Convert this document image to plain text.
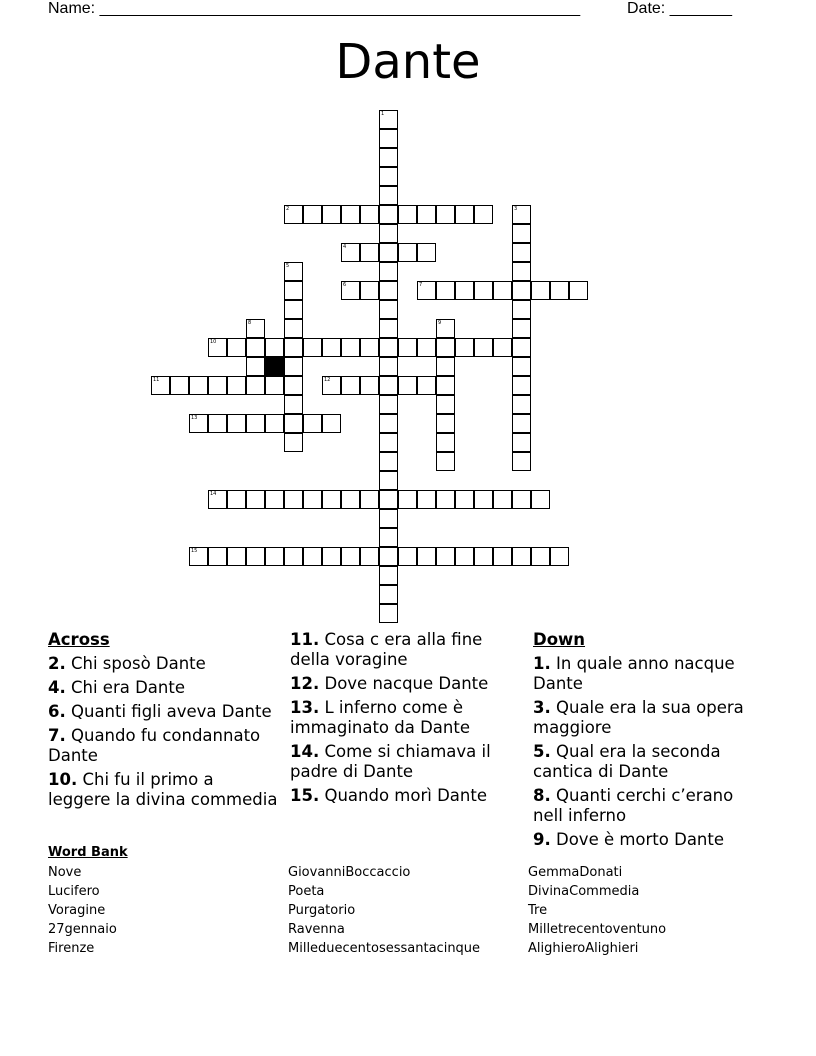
Name: ______________________________________________________	Date: _______
Dante
1
2	3
4
5
6	7
8	9
10
11	12
13
14
15
Across
2. Chi sposò Dante
4. Chi era Dante
6. Quanti figli aveva Dante
7. Quando fu condannato Dante
10. Chi fu il primo a leggere la divina commedia
11. Cosa c era alla fine della voragine
12. Dove nacque Dante
13. L inferno come è immaginato da Dante
14. Come si chiamava il padre di Dante
15. Quando morì Dante
Down
1. In quale anno nacque Dante
3. Quale era la sua opera maggiore
5. Qual era la seconda cantica di Dante
8. Quanti cerchi c’erano nell inferno
9. Dove è morto Dante
Word Bank
Nove
Lucifero
Voragine
27gennaio
Firenze
GiovanniBoccaccio
Poeta
Purgatorio
Ravenna
Milleduecentosessantacinque
GemmaDonati
DivinaCommedia
Tre
Milletrecentoventuno
AlighieroAlighieri
